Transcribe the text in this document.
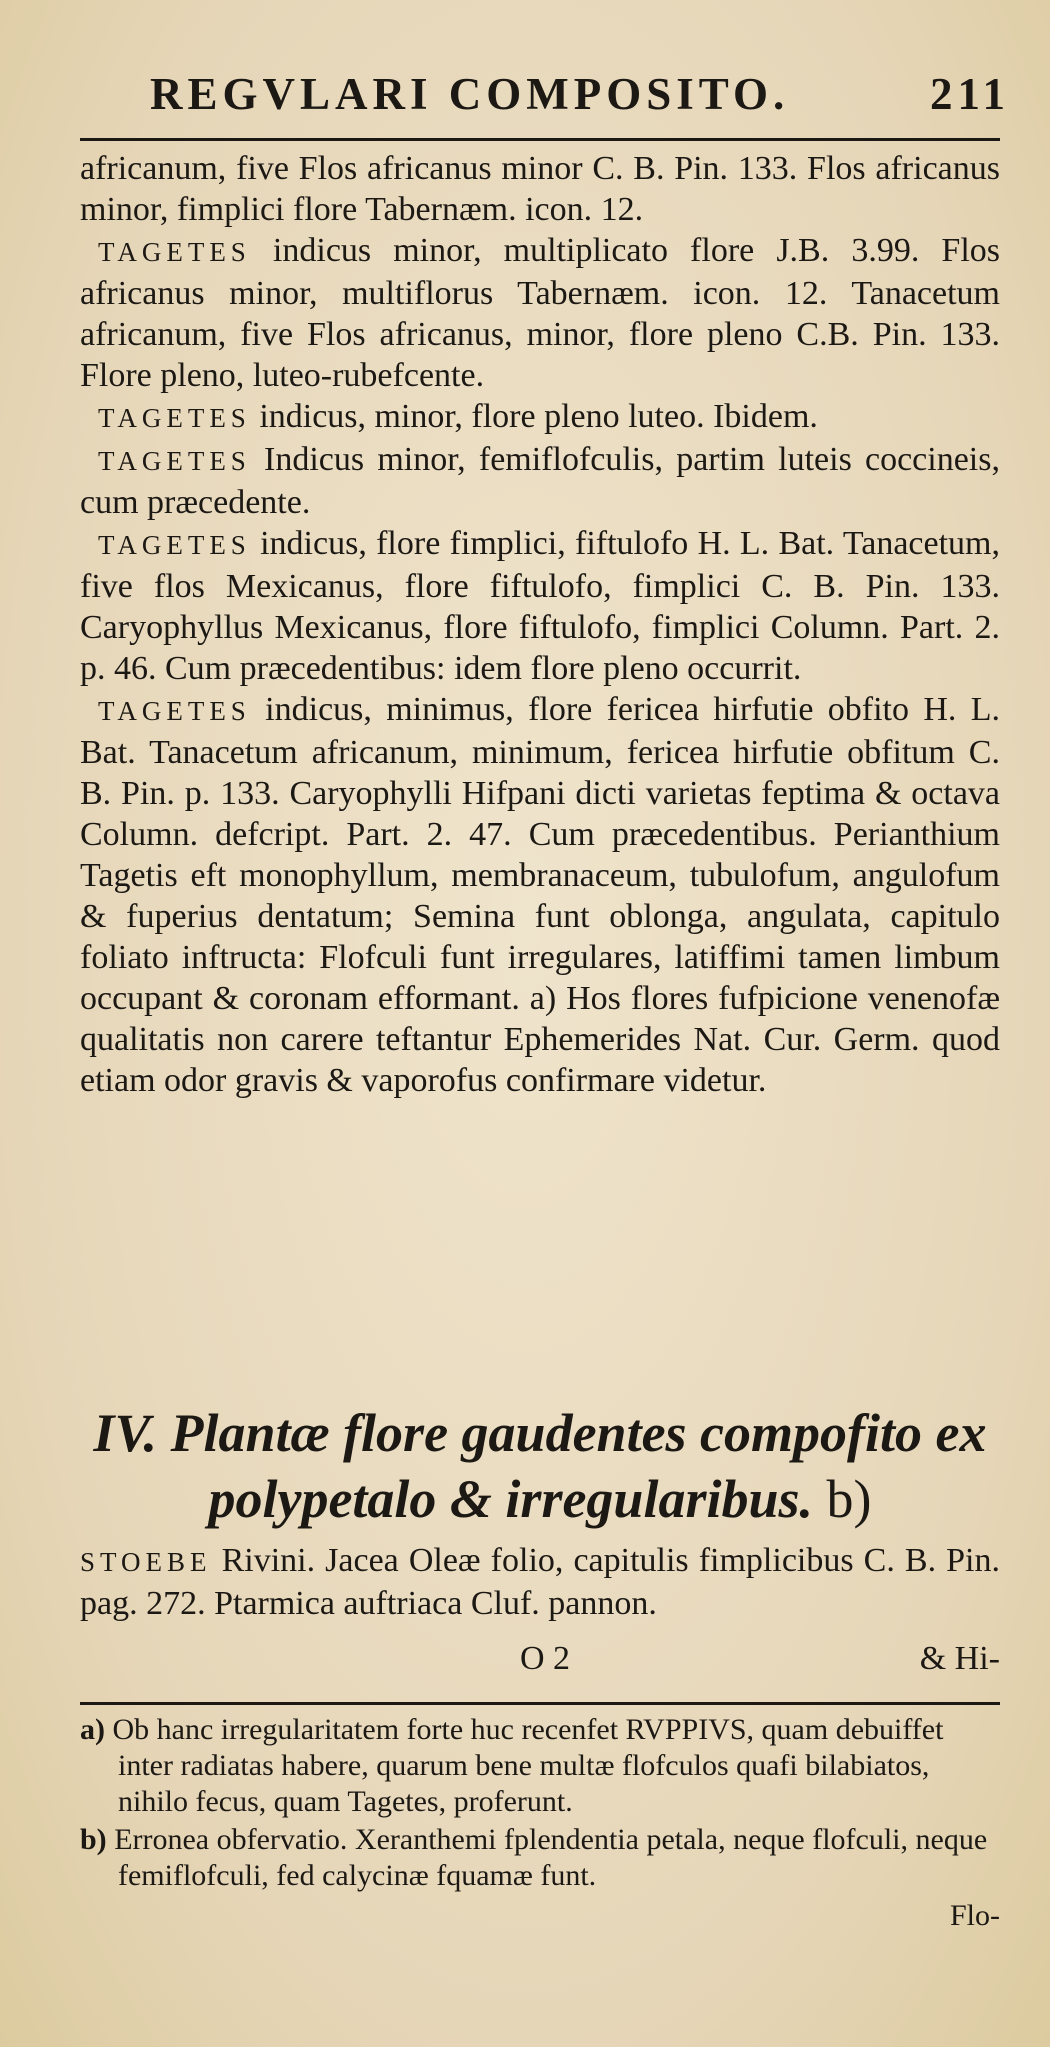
REGVLARI COMPOSITO.	211

africanum, five Flos africanus minor C. B. Pin. 133. Flos africanus minor, fimplici flore Tabernæm. icon. 12.

TAGETES indicus minor, multiplicato flore J.B. 3.99. Flos africanus minor, multiflorus Tabernæm. icon. 12. Tanacetum africanum, five Flos africanus, minor, flore pleno C.B. Pin. 133. Flore pleno, luteo-rubefcente.

TAGETES indicus, minor, flore pleno luteo. Ibidem.

TAGETES Indicus minor, femiflofculis, partim luteis coccineis, cum præcedente.

TAGETES indicus, flore fimplici, fiftulofo H. L. Bat. Tanacetum, five flos Mexicanus, flore fiftulofo, fimplici C. B. Pin. 133. Caryophyllus Mexicanus, flore fiftulofo, fimplici Column. Part. 2. p. 46. Cum præcedentibus: idem flore pleno occurrit.

TAGETES indicus, minimus, flore fericea hirfutie obfito H. L. Bat. Tanacetum africanum, minimum, fericea hirfutie obfitum C. B. Pin. p. 133. Caryophylli Hifpani dicti varietas feptima & octava Column. defcript. Part. 2. 47. Cum præcedentibus. Perianthium Tagetis eft monophyllum, membranaceum, tubulofum, angulofum & fuperius dentatum; Semina funt oblonga, angulata, capitulo foliato inftructa: Flofculi funt irregulares, latiffimi tamen limbum occupant & coronam efformant. a) Hos flores fufpicione venenofæ qualitatis non carere teftantur Ephemerides Nat. Cur. Germ. quod etiam odor gravis & vaporofus confirmare videtur.

IV. Plantæ flore gaudentes compofito ex
polypetalo & irregularibus. b)
STOEBE Rivini. Jacea Oleæ folio, capitulis fimplicibus C. B. Pin. pag. 272. Ptarmica auftriaca Cluf. pannon.
O 2	& Hi-

a) Ob hanc irregularitatem forte huc recenfet RVPPIVS, quam debuiffet inter radiatas habere, quarum bene multæ flofculos quafi bilabiatos, nihilo fecus, quam Tagetes, proferunt.

b) Erronea obfervatio. Xeranthemi fplendentia petala, neque flofculi, neque femiflofculi, fed calycinæ fquamæ funt.

Flo-
